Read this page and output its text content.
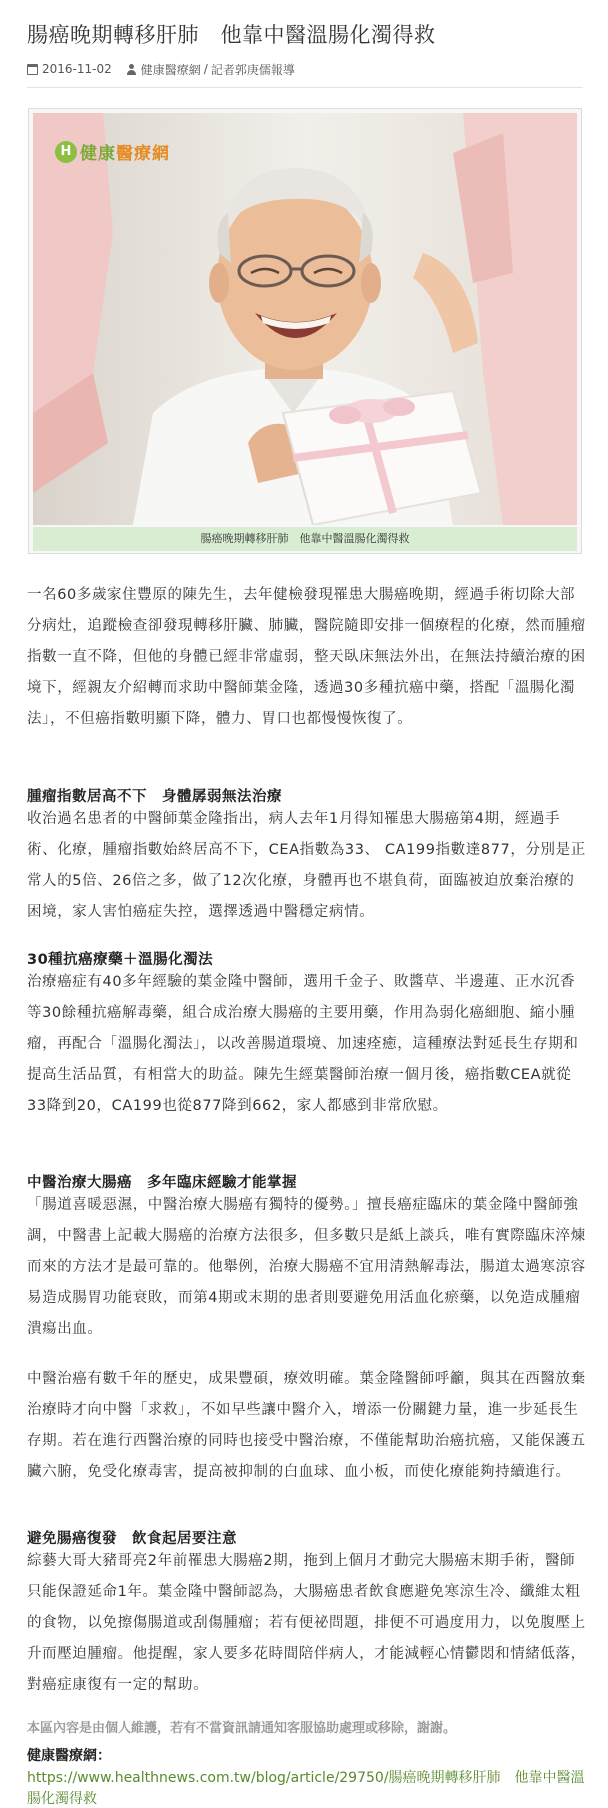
腸癌晚期轉移肝肺　他靠中醫溫腸化濁得救
2016-11-02 健康醫療網 / 記者郭庚儒報導
H 健康 醫療網
腸癌晚期轉移肝肺　他靠中醫溫腸化濁得救

一名60多歲家住豐原的陳先生，去年健檢發現罹患大腸癌晚期，經過手術切除大部分病灶，追蹤檢查卻發現轉移肝臟、肺臟，醫院隨即安排一個療程的化療，然而腫瘤指數一直不降，但他的身體已經非常虛弱，整天臥床無法外出，在無法持續治療的困境下，經親友介紹轉而求助中醫師葉金隆，透過30多種抗癌中藥，搭配「溫腸化濁法」，不但癌指數明顯下降，體力、胃口也都慢慢恢復了。

腫瘤指數居高不下　身體孱弱無法治療

收治過名患者的中醫師葉金隆指出，病人去年1月得知罹患大腸癌第4期，經過手術、化療，腫瘤指數始終居高不下，CEA指數為33、 CA199指數達877，分別是正常人的5倍、26倍之多，做了12次化療，身體再也不堪負荷，面臨被迫放棄治療的困境，家人害怕癌症失控，選擇透過中醫穩定病情。

30種抗癌療藥＋溫腸化濁法

治療癌症有40多年經驗的葉金隆中醫師，選用千金子、敗醬草、半邊蓮、正水沉香等30餘種抗癌解毒藥，組合成治療大腸癌的主要用藥，作用為弱化癌細胞、縮小腫瘤，再配合「溫腸化濁法」，以改善腸道環境、加速痊癒，這種療法對延長生存期和提高生活品質，有相當大的助益。陳先生經葉醫師治療一個月後，癌指數CEA就從33降到20，CA199也從877降到662，家人都感到非常欣慰。

中醫治療大腸癌　多年臨床經驗才能掌握

「腸道喜暖惡濕，中醫治療大腸癌有獨特的優勢。」擅長癌症臨床的葉金隆中醫師強調，中醫書上記載大腸癌的治療方法很多，但多數只是紙上談兵，唯有實際臨床淬煉而來的方法才是最可靠的。他舉例，治療大腸癌不宜用清熱解毒法，腸道太過寒涼容易造成腸胃功能衰敗，而第4期或末期的患者則要避免用活血化瘀藥，以免造成腫瘤潰瘍出血。

中醫治癌有數千年的歷史，成果豐碩，療效明確。葉金隆醫師呼籲，與其在西醫放棄治療時才向中醫「求救」，不如早些讓中醫介入，增添一份關鍵力量，進一步延長生存期。若在進行西醫治療的同時也接受中醫治療，不僅能幫助治癌抗癌，又能保護五臟六腑，免受化療毒害，提高被抑制的白血球、血小板，而使化療能夠持續進行。

避免腸癌復發　飲食起居要注意

綜藝大哥大豬哥亮2年前罹患大腸癌2期，拖到上個月才動完大腸癌末期手術，醫師只能保證延命1年。葉金隆中醫師認為，大腸癌患者飲食應避免寒涼生冷、纖維太粗的食物，以免擦傷腸道或刮傷腫瘤；若有便祕問題，排便不可過度用力，以免腹壓上升而壓迫腫瘤。他提醒，家人要多花時間陪伴病人，才能減輕心情鬱悶和情緒低落，對癌症康復有一定的幫助。

本區內容是由個人維護，若有不當資訊請通知客服協助處理或移除，謝謝。
健康醫療網：
https://www.healthnews.com.tw/blog/article/29750/腸癌晚期轉移肝肺　他靠中醫溫腸化濁得救
